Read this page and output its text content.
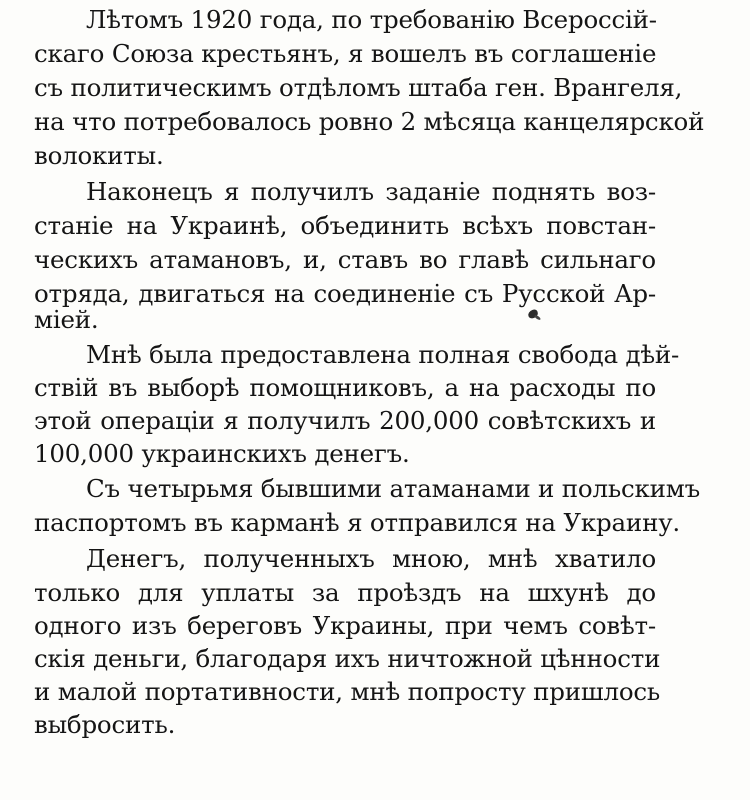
Лѣтомъ 1920 года, по требованію Всероссій-
скаго Союза крестьянъ, я вошелъ въ соглашеніе
съ политическимъ отдѣломъ штаба ген. Врангеля,
на что потребовалось ровно 2 мѣсяца канцелярской
волокиты.
Наконецъ я получилъ заданіе поднять воз-
станіе на Украинѣ, объединить всѣхъ повстан-
ческихъ атамановъ, и, ставъ во главѣ сильнаго
отряда, двигаться на соединеніе съ Русской Ар-
міей.
Мнѣ была предоставлена полная свобода дѣй-
ствій въ выборѣ помощниковъ, а на расходы по
этой операціи я получилъ 200,000 совѣтскихъ и
100,000 украинскихъ денегъ.
Съ четырьмя бывшими атаманами и польскимъ
паспортомъ въ карманѣ я отправился на Украину.
Денегъ, полученныхъ мною, мнѣ хватило
только для уплаты за проѣздъ на шхунѣ до
одного изъ береговъ Украины, при чемъ совѣт-
скія деньги, благодаря ихъ ничтожной цѣнности
и малой портативности, мнѣ попросту пришлось
выбросить.
